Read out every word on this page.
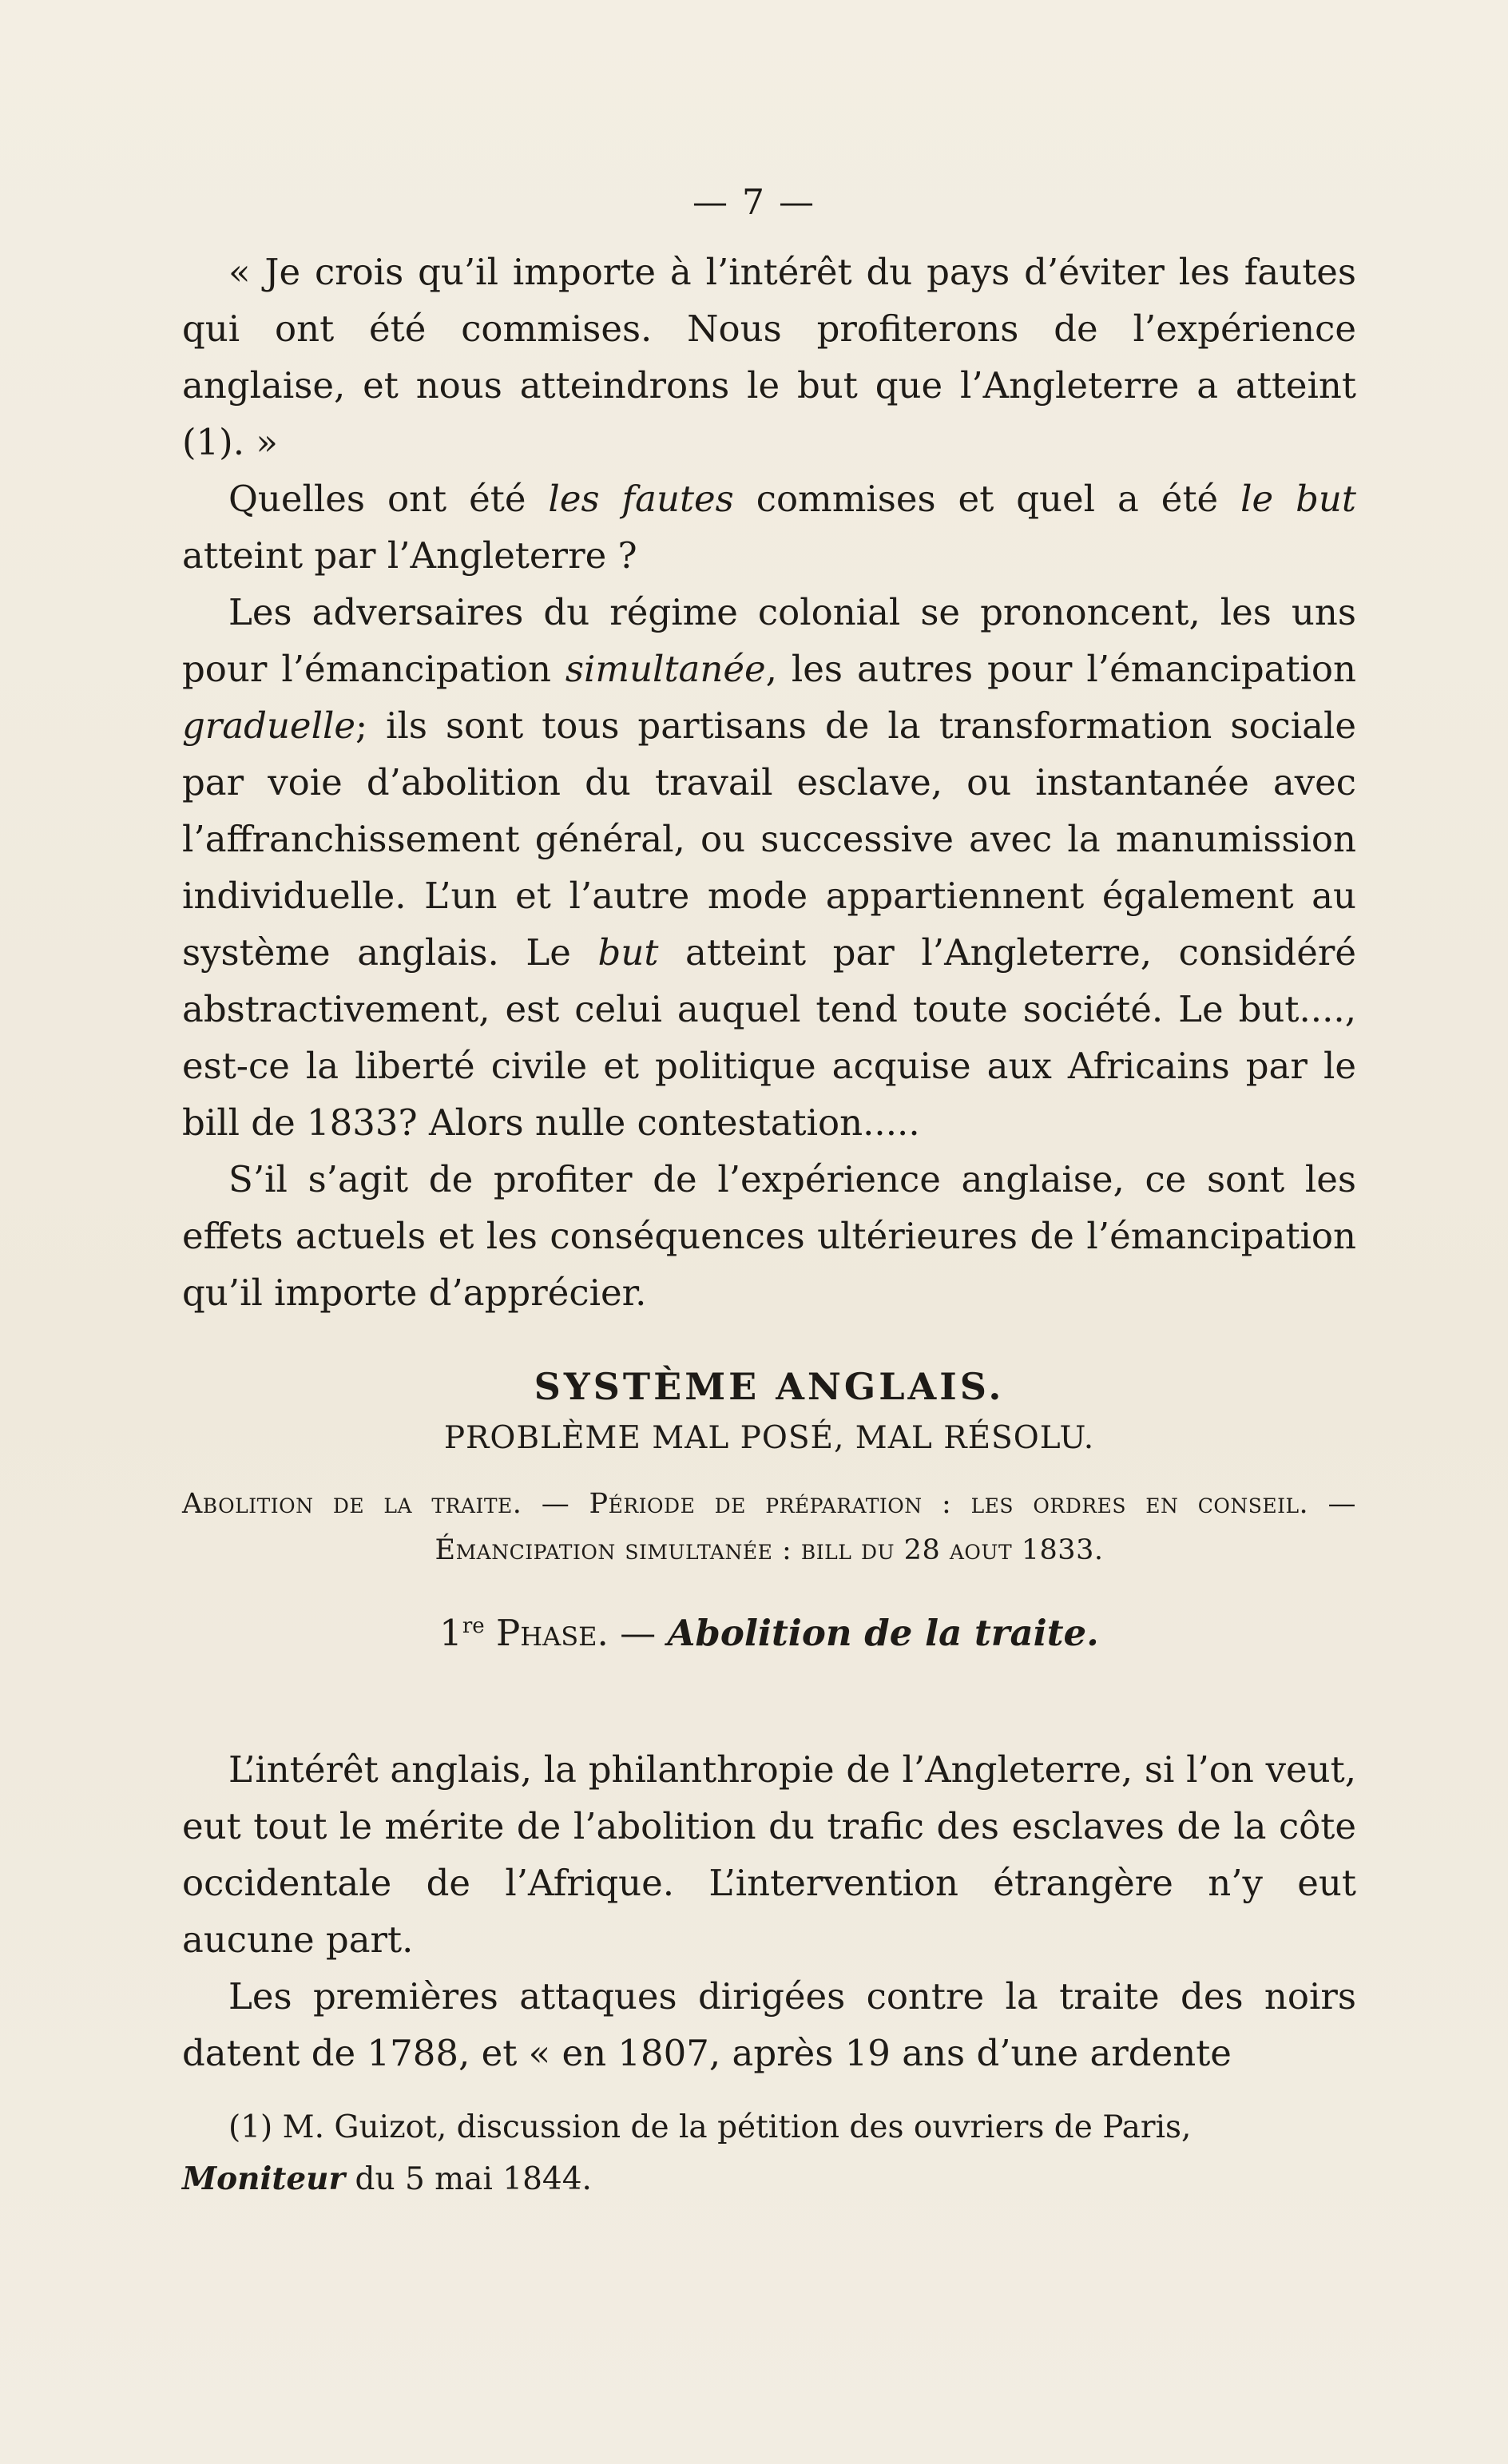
— 7 —

« Je crois qu’il importe à l’intérêt du pays d’éviter les fautes qui ont été commises. Nous profiterons de l’expérience anglaise, et nous atteindrons le but que l’Angleterre a atteint (1). »

Quelles ont été les fautes commises et quel a été le but atteint par l’Angleterre ?

Les adversaires du régime colonial se prononcent, les uns pour l’émancipation simultanée, les autres pour l’émancipation graduelle; ils sont tous partisans de la transformation sociale par voie d’abolition du travail esclave, ou instantanée avec l’affranchissement général, ou successive avec la manumission individuelle. L’un et l’autre mode appartiennent également au système anglais. Le but atteint par l’Angleterre, considéré abstractivement, est celui auquel tend toute société. Le but...., est-ce la liberté civile et politique acquise aux Africains par le bill de 1833? Alors nulle contestation.....

S’il s’agit de profiter de l’expérience anglaise, ce sont les effets actuels et les conséquences ultérieures de l’émancipation qu’il importe d’apprécier.

SYSTÈME ANGLAIS.
PROBLÈME MAL POSÉ, MAL RÉSOLU.
Abolition de la traite. — Période de préparation : les ordres en conseil. — Émancipation simultanée : bill du 28 aout 1833.
1re Phase. — Abolition de la traite.

L’intérêt anglais, la philanthropie de l’Angleterre, si l’on veut, eut tout le mérite de l’abolition du trafic des esclaves de la côte occidentale de l’Afrique. L’intervention étrangère n’y eut aucune part.

Les premières attaques dirigées contre la traite des noirs datent de 1788, et « en 1807, après 19 ans d’une ardente

(1) M. Guizot, discussion de la pétition des ouvriers de Paris, Moniteur du 5 mai 1844.
